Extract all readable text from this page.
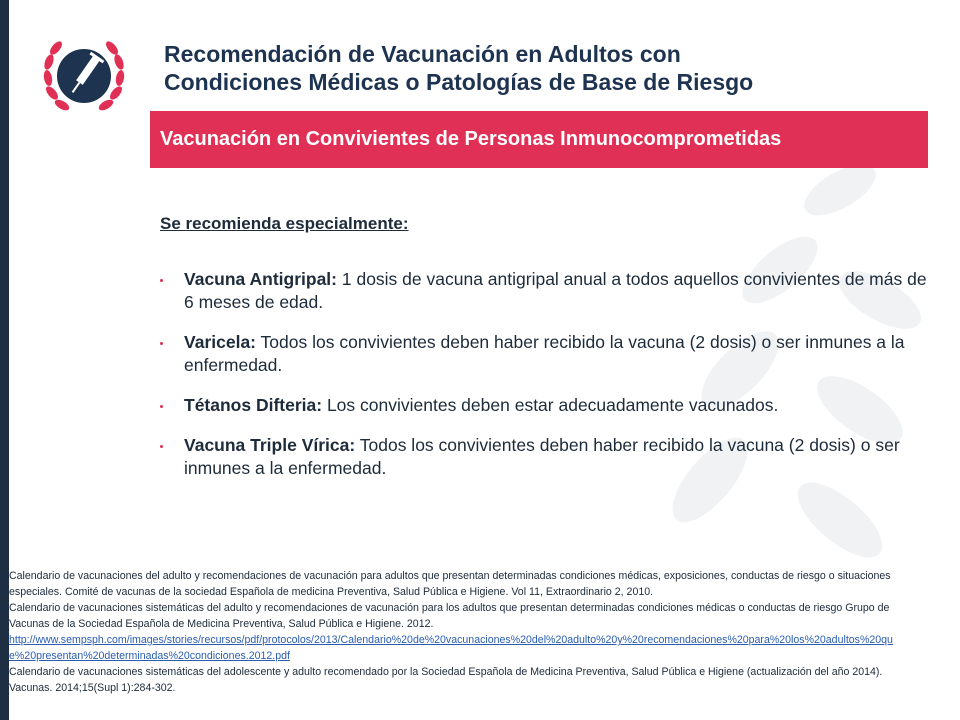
Recomendación de Vacunación en Adultos con
Condiciones Médicas o Patologías de Base de Riesgo
Vacunación en Convivientes de Personas Inmunocomprometidas
Se recomienda especialmente:
Vacuna Antigripal: 1 dosis de vacuna antigripal anual a todos aquellos convivientes de más de 6 meses de edad.
Varicela: Todos los convivientes deben haber recibido la vacuna (2 dosis) o ser inmunes a la enfermedad.
Tétanos Difteria: Los convivientes deben estar adecuadamente vacunados.
Vacuna Triple Vírica: Todos los convivientes deben haber recibido la vacuna (2 dosis) o ser inmunes a la enfermedad.
Calendario de vacunaciones del adulto y recomendaciones de vacunación para adultos que presentan determinadas condiciones médicas, exposiciones, conductas de riesgo o situaciones especiales. Comité de vacunas de la sociedad Española de medicina Preventiva, Salud Pública e Higiene. Vol 11, Extraordinario 2, 2010.
Calendario de vacunaciones sistemáticas del adulto y recomendaciones de vacunación para los adultos que presentan determinadas condiciones médicas o conductas de riesgo Grupo de Vacunas de la Sociedad Española de Medicina Preventiva, Salud Pública e Higiene. 2012.
http://www.sempsph.com/images/stories/recursos/pdf/protocolos/2013/Calendario%20de%20vacunaciones%20del%20adulto%20y%20recomendaciones%20para%20los%20adultos%20que%20presentan%20determinadas%20condiciones.2012.pdf
Calendario de vacunaciones sistemáticas del adolescente y adulto recomendado por la Sociedad Española de Medicina Preventiva, Salud Pública e Higiene (actualización del año 2014). Vacunas. 2014;15(Supl 1):284-302.
